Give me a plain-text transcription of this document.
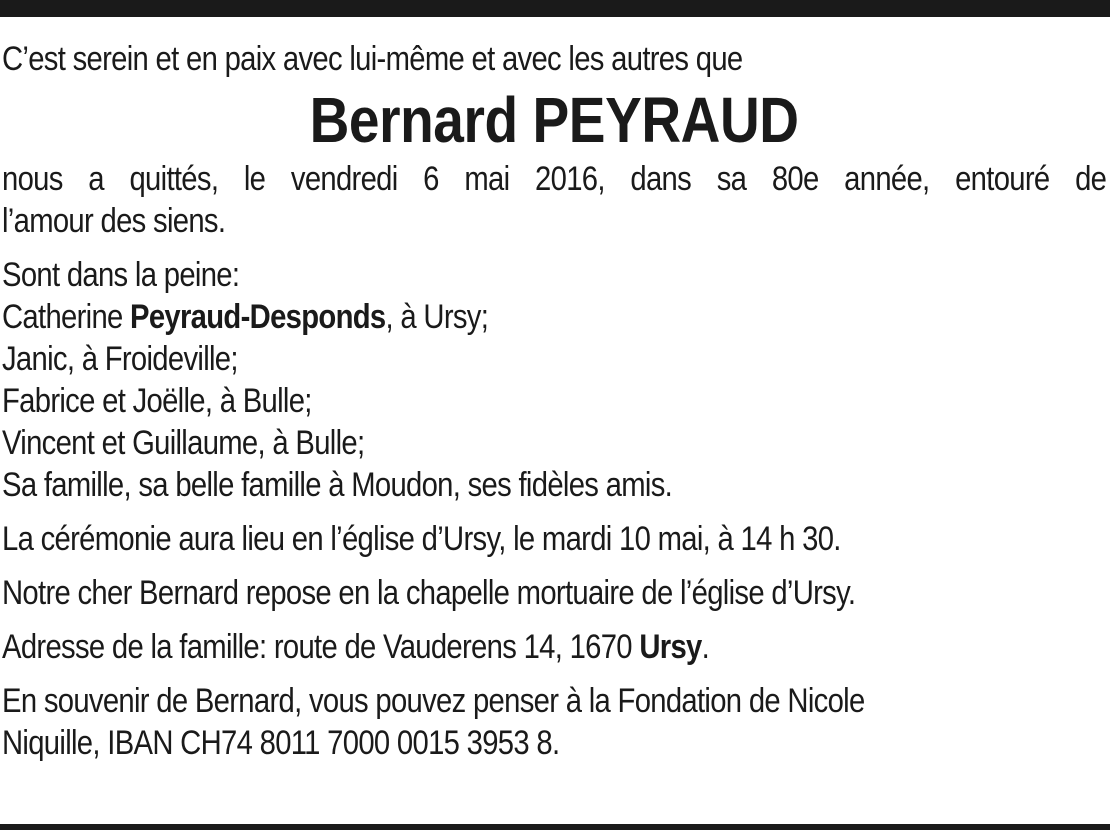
C’est serein et en paix avec lui-même et avec les autres que

Bernard PEYRAUD

nous a quittés, le vendredi 6 mai 2016, dans sa 80e année, entouré de
l’amour des siens.

Sont dans la peine:
Catherine Peyraud-Desponds, à Ursy;
Janic, à Froideville;
Fabrice et Joëlle, à Bulle;
Vincent et Guillaume, à Bulle;
Sa famille, sa belle famille à Moudon, ses fidèles amis.

La cérémonie aura lieu en l’église d’Ursy, le mardi 10 mai, à 14 h 30.

Notre cher Bernard repose en la chapelle mortuaire de l’église d’Ursy.

Adresse de la famille: route de Vauderens 14, 1670 Ursy.

En souvenir de Bernard, vous pouvez penser à la Fondation de Nicole
Niquille, IBAN CH74 8011 7000 0015 3953 8.
